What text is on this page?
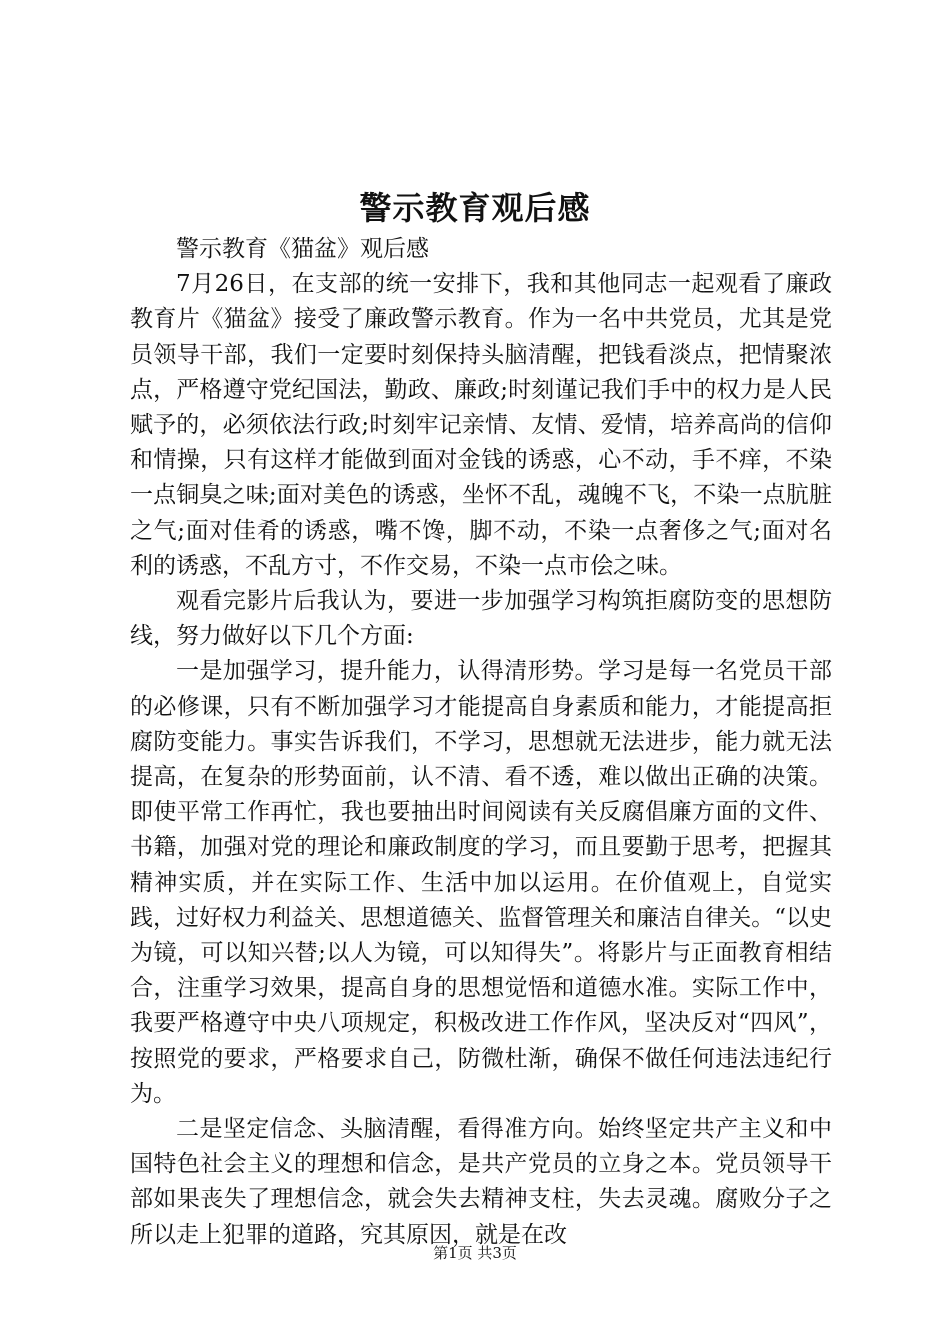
警示教育观后感

警示教育《猫盆》观后感

7月26日，在支部的统一安排下，我和其他同志一起观看了廉政教育片《猫盆》接受了廉政警示教育。作为一名中共党员，尤其是党员领导干部，我们一定要时刻保持头脑清醒，把钱看淡点，把情聚浓点，严格遵守党纪国法，勤政、廉政;时刻谨记我们手中的权力是人民赋予的，必须依法行政;时刻牢记亲情、友情、爱情，培养高尚的信仰和情操，只有这样才能做到面对金钱的诱惑，心不动，手不痒，不染一点铜臭之味;面对美色的诱惑，坐怀不乱，魂魄不飞，不染一点肮脏之气;面对佳肴的诱惑，嘴不馋，脚不动，不染一点奢侈之气;面对名利的诱惑，不乱方寸，不作交易，不染一点市侩之味。

观看完影片后我认为，要进一步加强学习构筑拒腐防变的思想防线，努力做好以下几个方面:

一是加强学习，提升能力，认得清形势。学习是每一名党员干部的必修课，只有不断加强学习才能提高自身素质和能力，才能提高拒腐防变能力。事实告诉我们，不学习，思想就无法进步，能力就无法提高，在复杂的形势面前，认不清、看不透，难以做出正确的决策。即使平常工作再忙，我也要抽出时间阅读有关反腐倡廉方面的文件、书籍，加强对党的理论和廉政制度的学习，而且要勤于思考，把握其精神实质，并在实际工作、生活中加以运用。在价值观上，自觉实践，过好权力利益关、思想道德关、监督管理关和廉洁自律关。“以史为镜，可以知兴替;以人为镜，可以知得失”。将影片与正面教育相结合，注重学习效果，提高自身的思想觉悟和道德水准。实际工作中，我要严格遵守中央八项规定，积极改进工作作风，坚决反对“四风”，按照党的要求，严格要求自己，防微杜渐，确保不做任何违法违纪行为。

二是坚定信念、头脑清醒，看得准方向。始终坚定共产主义和中国特色社会主义的理想和信念，是共产党员的立身之本。党员领导干部如果丧失了理想信念，就会失去精神支柱，失去灵魂。腐败分子之所以走上犯罪的道路，究其原因，就是在改

第1页 共3页
